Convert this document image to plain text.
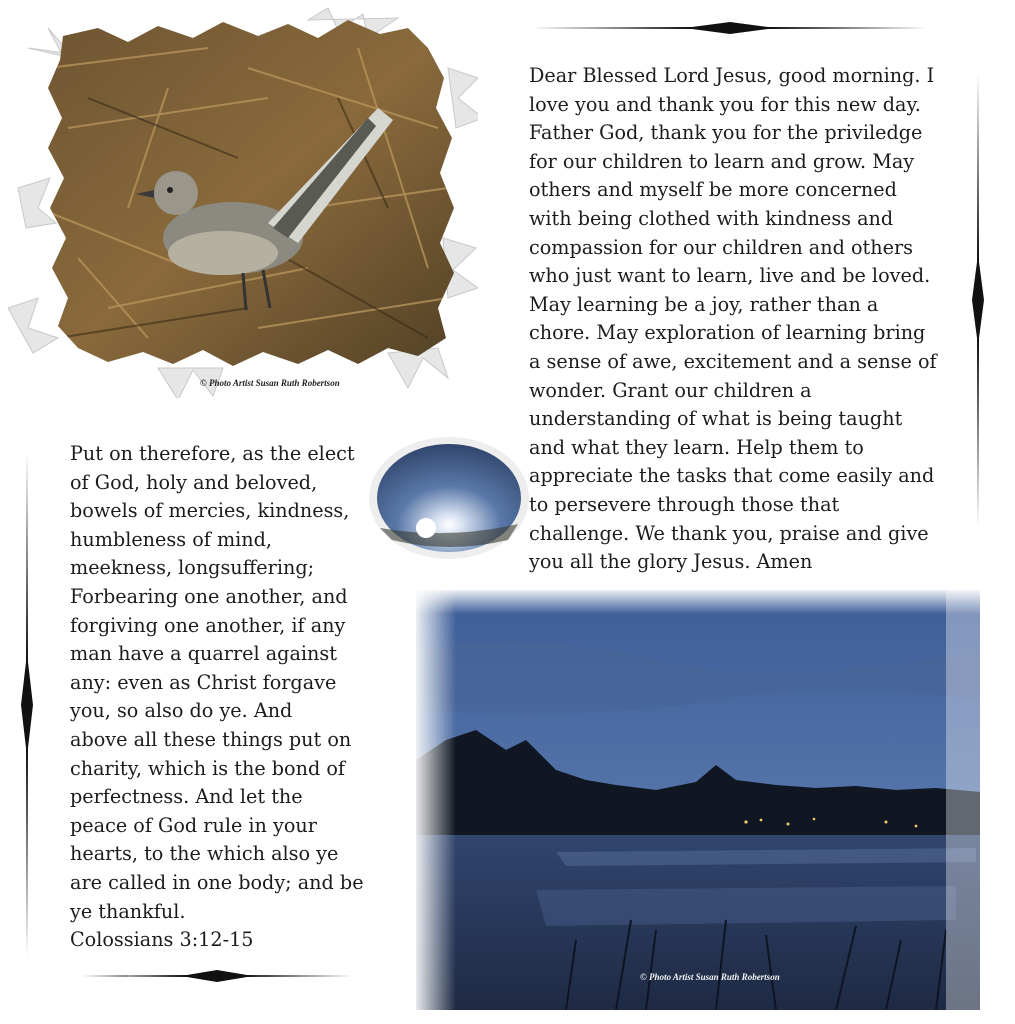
© Photo Artist Susan Ruth Robertson
Dear Blessed Lord Jesus, good morning. I
love you and thank you for this new day.
Father God, thank you for the priviledge
for our children to learn and grow. May
others and myself be more concerned
with being clothed with kindness and
compassion for our children and others
who just want to learn, live and be loved.
May learning be a joy, rather than a
chore. May exploration of learning bring
a sense of awe, excitement and a sense of
wonder. Grant our children a
understanding of what is being taught
and what they learn. Help them to
appreciate the tasks that come easily and
to persevere through those that
challenge. We thank you, praise and give
you all the glory Jesus. Amen
Put on therefore, as the elect
of God, holy and beloved,
bowels of mercies, kindness,
humbleness of mind,
meekness, longsuffering;
Forbearing one another, and
forgiving one another, if any
man have a quarrel against
any: even as Christ forgave
you, so also do ye. And
above all these things put on
charity, which is the bond of
perfectness. And let the
peace of God rule in your
hearts, to the which also ye
are called in one body; and be
ye thankful.
Colossians 3:12-15
© Photo Artist Susan Ruth Robertson
